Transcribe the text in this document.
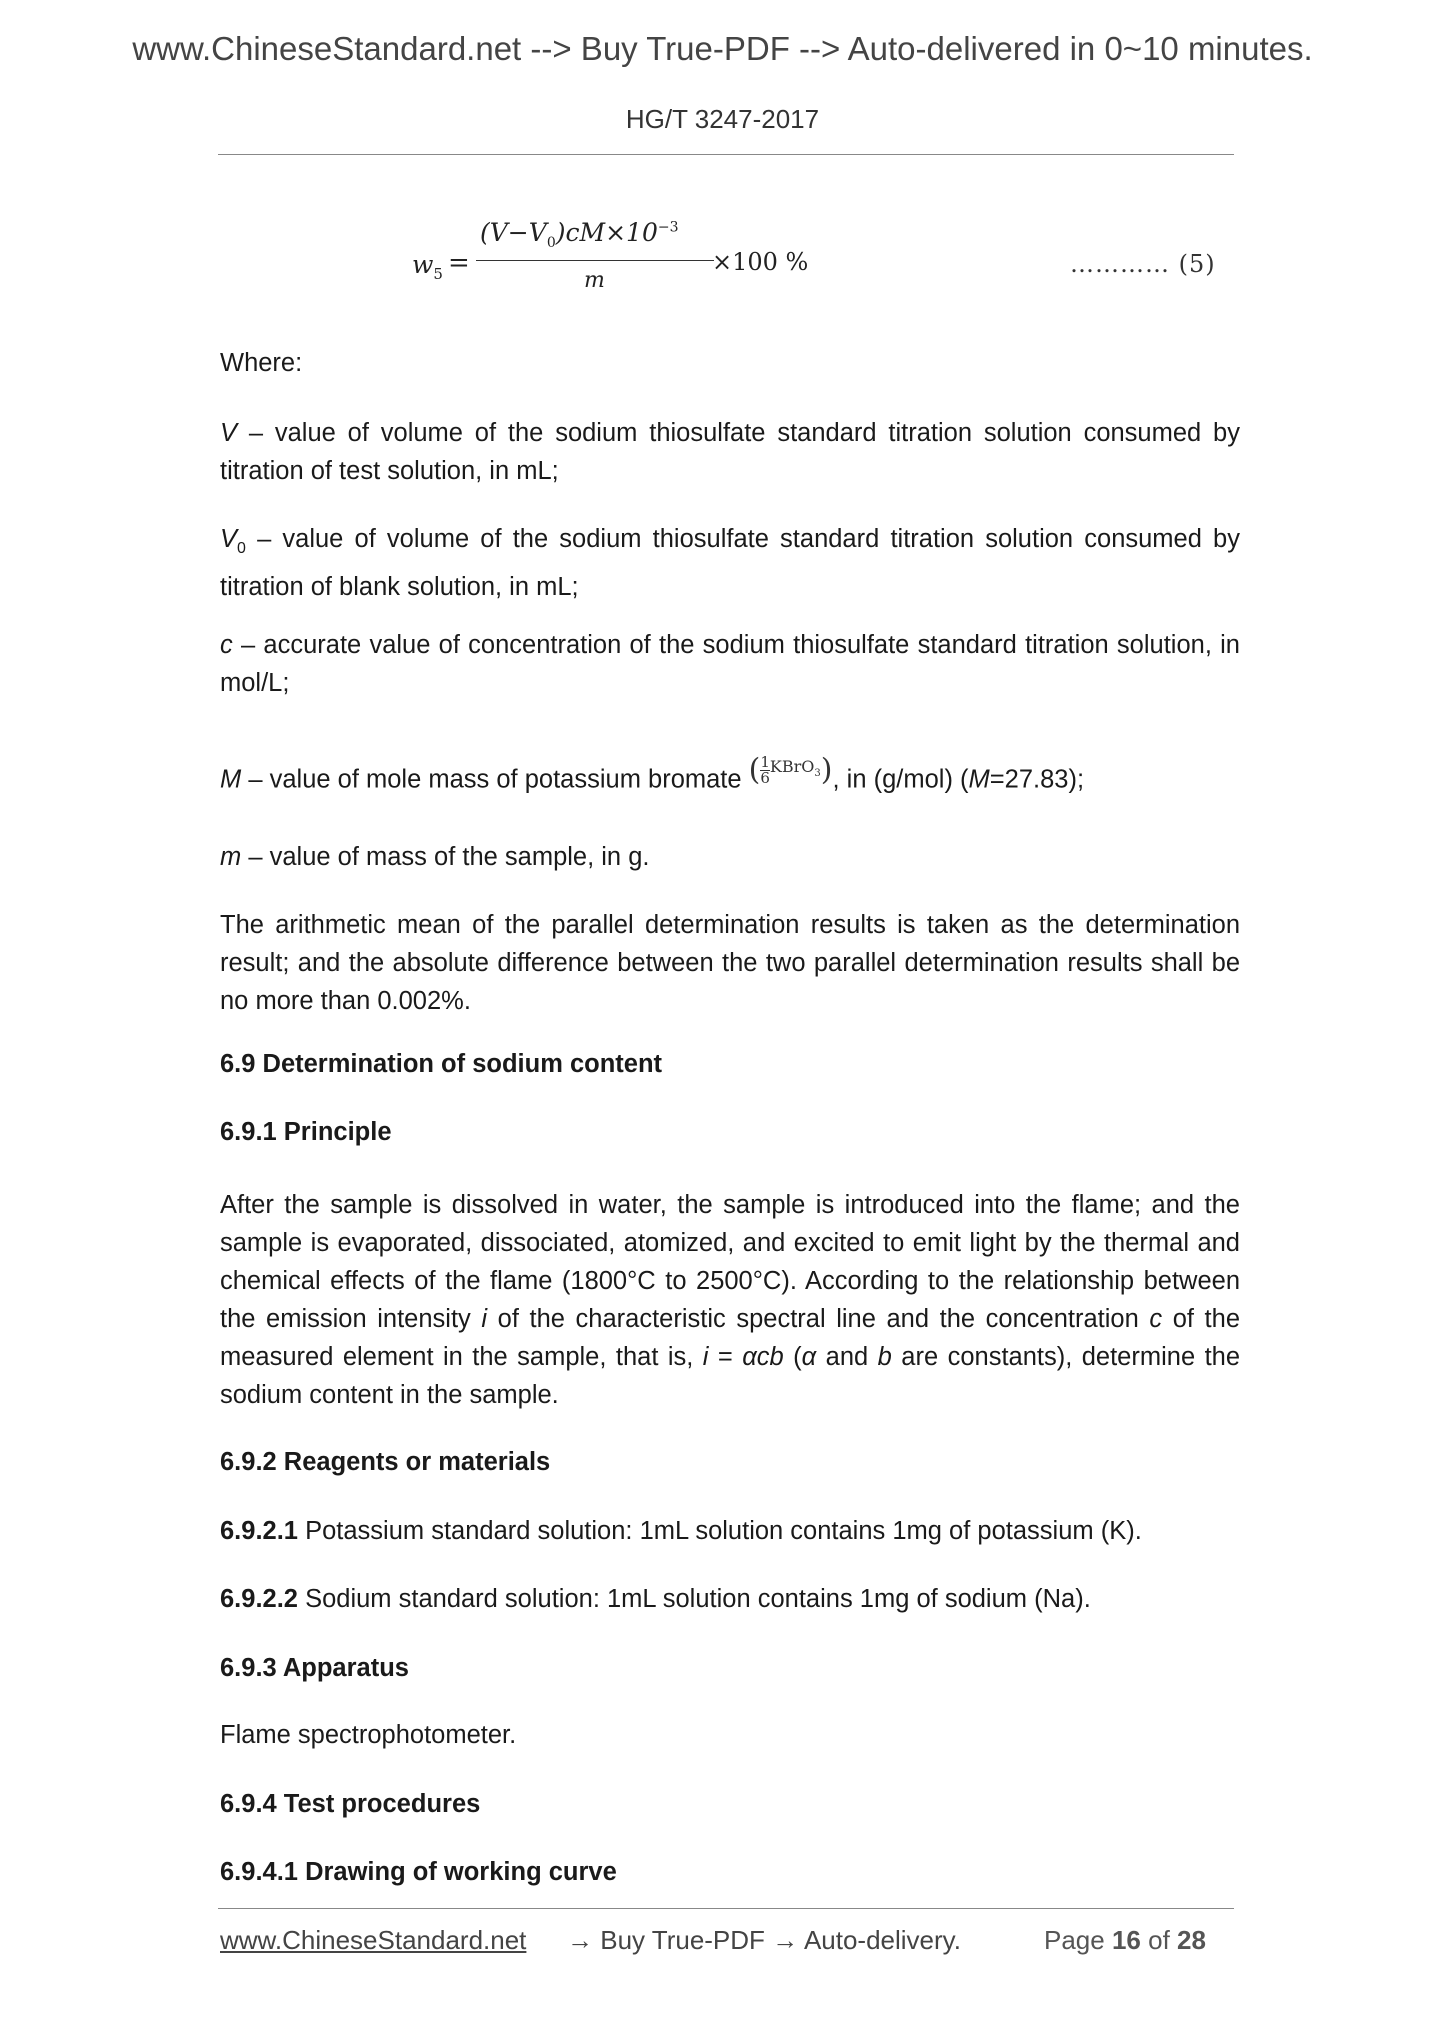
www.ChineseStandard.net --> Buy True-PDF --> Auto-delivered in 0~10 minutes.
HG/T 3247-2017
$w_5$ =
$(V-V_0)cM\times 10^{-3}$
m
×100 %	………… (5)
Where:
V – value of volume of the sodium thiosulfate standard titration solution consumed by titration of test solution, in mL;
$V_0$ – value of volume of the sodium thiosulfate standard titration solution consumed by titration of blank solution, in mL;
c – accurate value of concentration of the sodium thiosulfate standard titration solution, in mol/L;
M – value of mole mass of potassium bromate ( $\frac{1}{6}$ KBrO$_3$), in (g/mol) (M=27.83);
m – value of mass of the sample, in g.
The arithmetic mean of the parallel determination results is taken as the determination result; and the absolute difference between the two parallel determination results shall be no more than 0.002%.
6.9 Determination of sodium content
6.9.1 Principle
After the sample is dissolved in water, the sample is introduced into the flame; and the sample is evaporated, dissociated, atomized, and excited to emit light by the thermal and chemical effects of the flame (1800°C to 2500°C). According to the relationship between the emission intensity i of the characteristic spectral line and the concentration c of the measured element in the sample, that is, i = αcb (α and b are constants), determine the sodium content in the sample.
6.9.2 Reagents or materials
6.9.2.1 Potassium standard solution: 1mL solution contains 1mg of potassium (K).
6.9.2.2 Sodium standard solution: 1mL solution contains 1mg of sodium (Na).
6.9.3 Apparatus
Flame spectrophotometer.
6.9.4 Test procedures
6.9.4.1 Drawing of working curve
www.ChineseStandard.net → Buy True-PDF → Auto-delivery.	Page 16 of 28
